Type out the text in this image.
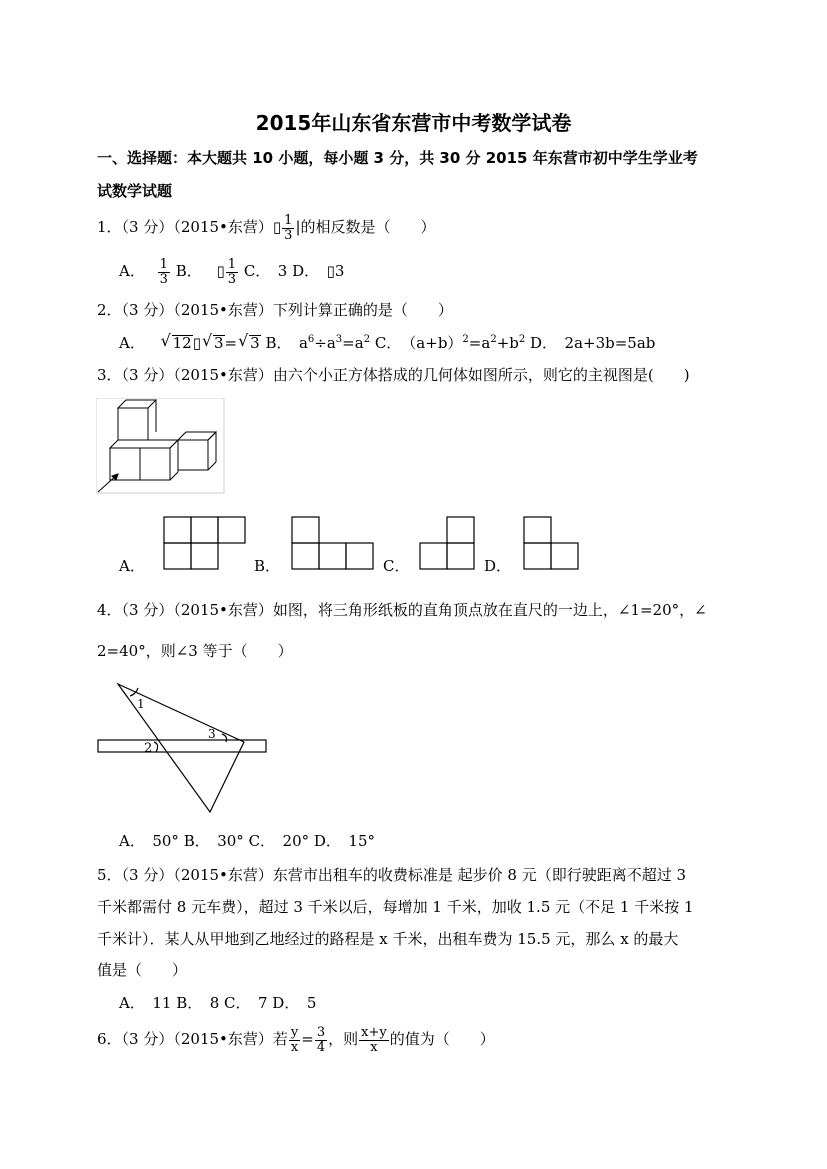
2015年山东省东营市中考数学试卷
一、选择题：本大题共 10 小题，每小题 3 分，共 30 分 2015 年东营市初中学生学业考
试数学试题
1．（3 分）（2015•东营）▯ $\frac{1}{3}$ |的相反数是（　　）
A． $\frac{1}{3}$ B． ▯ $\frac{1}{3}$ C．　3 D．　▯3
2．（3 分）（2015•东营）下列计算正确的是（　　）
A． √ 12▯ √ 3= √ 3 B．　$a^6\div a^3=a^2$ C．　$(a+b)^2=a^2+b^2$ D．　2a+3b=5ab
3．（3 分）（2015•东营）由六个小正方体搭成的几何体如图所示，则它的主视图是(　　)
A．	B．	C．	D．
4．（3 分）（2015•东营）如图，将三角形纸板的直角顶点放在直尺的一边上，∠1=20°，∠
2=40°，则∠3 等于（　　）
1
2
3
A．　50° B．　30° C．　20° D．　15°
5．（3 分）（2015•东营）东营市出租车的收费标准是 起步价 8 元（即行驶距离不超过 3
千米都需付 8 元车费），超过 3 千米以后，每增加 1 千米，加收 1.5 元（不足 1 千米按 1
千米计）．某人从甲地到乙地经过的路程是 x 千米，出租车费为 15.5 元，那么 x 的最大
值是（　　）
A．　11 B．　8 C．　7 D．　5
6．（3 分）（2015•东营）若 $\frac{y}{x} = \frac{3}{4}$ ，则 $\frac{x+y}{x}$ 的值为（　　）
